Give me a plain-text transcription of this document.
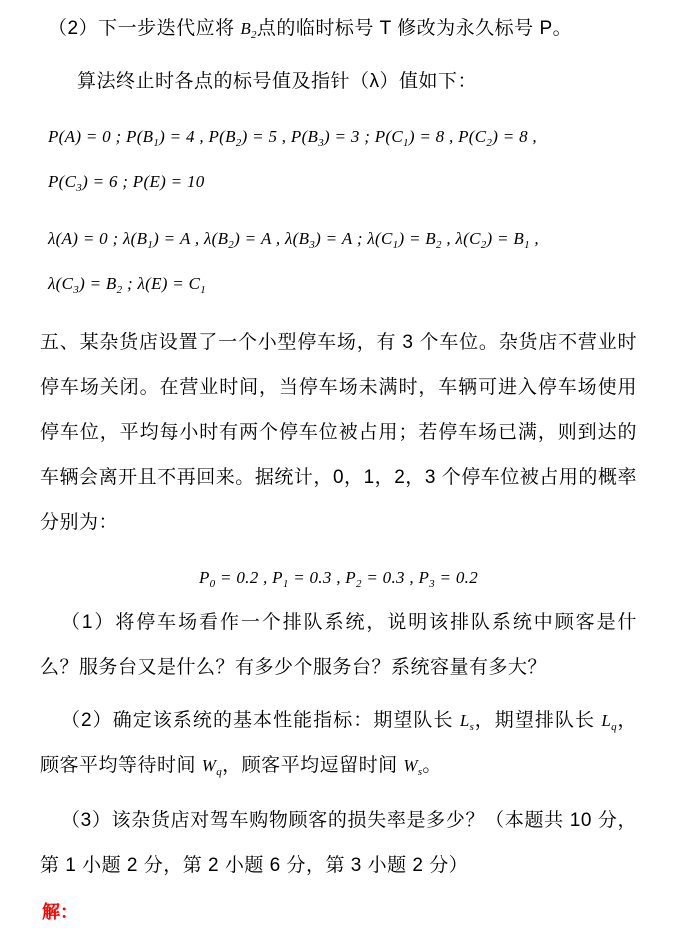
（2）下一步迭代应将 $B_2$点的临时标号 T 修改为永久标号 P。

算法终止时各点的标号值及指针（λ）值如下：

P(A) = 0 ; $P(B_1) = 4$ , $P(B_2) = 5$ , $P(B_3) = 3$ ; $P(C_1) = 8$ , $P(C_2) = 8$ ,

$P(C_3) = 6$ ; P(E) = 10

λ(A) = 0 ; $\lambda(B_1) = A$ , $\lambda(B_2) = A$ , $\lambda(B_3) = A$ ; $\lambda(C_1) = B_2$ , $\lambda(C_2) = B_1$ ,

$\lambda(C_3) = B_2$ ; $\lambda(E) = C_1$

五、某杂货店设置了一个小型停车场，有 3 个车位。杂货店不营业时停车场关闭。在营业时间，当停车场未满时，车辆可进入停车场使用停车位，平均每小时有两个停车位被占用；若停车场已满，则到达的车辆会离开且不再回来。据统计，0，1，2，3 个停车位被占用的概率分别为：

$P_0 = 0.2$ , $P_1 = 0.3$ , $P_2 = 0.3$ , $P_3 = 0.2$

（1）将停车场看作一个排队系统，说明该排队系统中顾客是什么？服务台又是什么？有多少个服务台？系统容量有多大？

（2）确定该系统的基本性能指标：期望队长 $L_s$，期望排队长 $L_q$，顾客平均等待时间 $W_q$，顾客平均逗留时间 $W_s$。

（3）该杂货店对驾车购物顾客的损失率是多少？（本题共 10 分，第 1 小题 2 分，第 2 小题 6 分，第 3 小题 2 分）

解：
